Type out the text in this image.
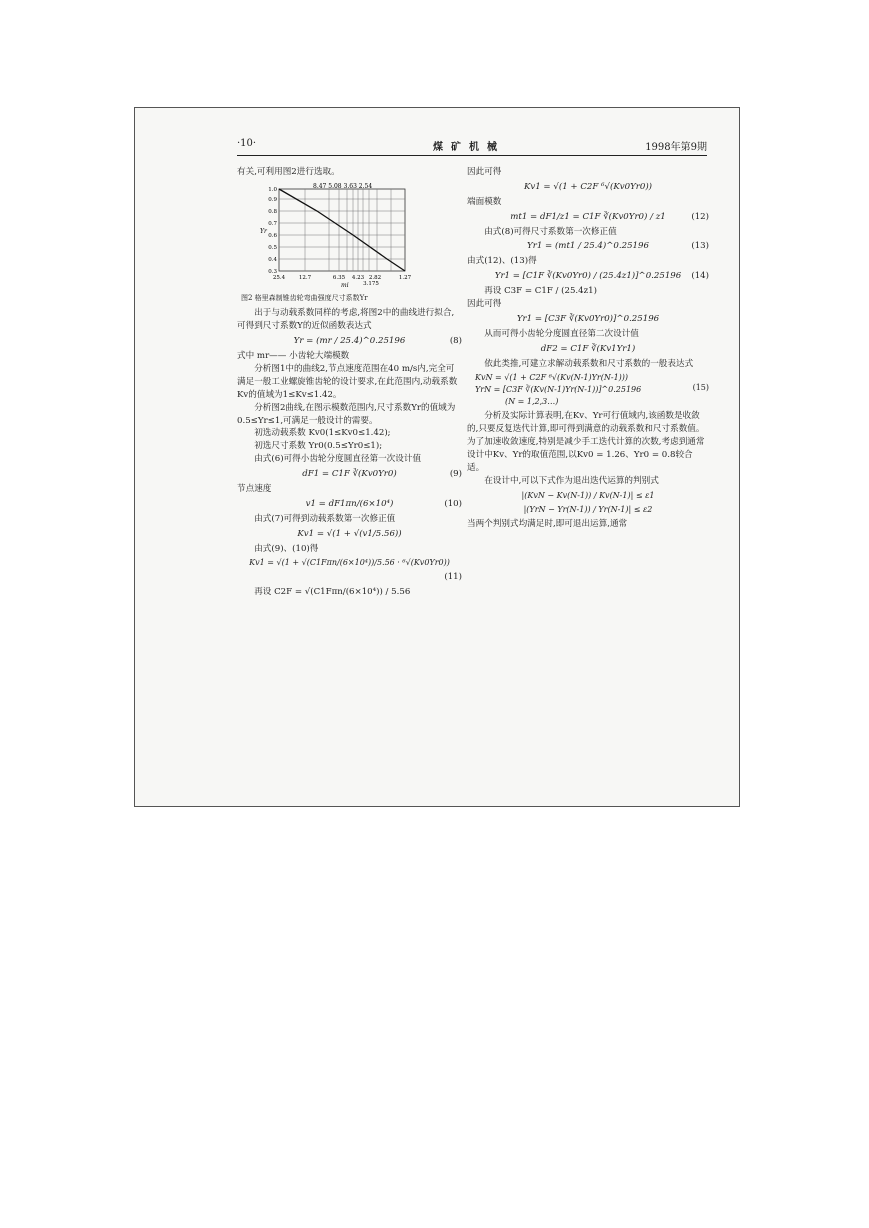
·10·	煤矿机械	1998年第9期

有关,可利用图2进行选取。

8.47 5.08 3.63 2.54
1.0
0.9
0.8
0.7
0.6
0.5
0.4
0.3
Yr
25.4	12.7	6.35 4.23 2.82	1.27
3.175
mi

图2 格里森制锥齿轮弯曲强度尺寸系数Yr

出于与动载系数同样的考虑,将图2中的曲线进行拟合,可得到尺寸系数Y的近似函数表达式

Yr = (mr / 25.4)^0.25196	(8)

式中 mr—— 小齿轮大端模数

分析图1中的曲线2,节点速度范围在40 m/s内,完全可满足一般工业螺旋锥齿轮的设计要求,在此范围内,动载系数Kv的值域为1≤Kv≤1.42。

分析图2曲线,在图示模数范围内,尺寸系数Yr的值域为0.5≤Yr≤1,可满足一般设计的需要。

初选动载系数 Kv0(1≤Kv0≤1.42);

初选尺寸系数 Yr0(0.5≤Yr0≤1);

由式(6)可得小齿轮分度圆直径第一次设计值

dF1 = C1F ∛(Kv0Yr0)	(9)

节点速度

v1 = dF1πn/(6×10⁴)	(10)

由式(7)可得到动载系数第一次修正值

Kv1 = √(1 + √(v1/5.56))

由式(9)、(10)得

Kv1 = √(1 + √(C1Fπn/(6×10⁴))/5.56 · ⁶√(Kv0Yr0))
(11)

再设 C2F = √(C1Fπn/(6×10⁴)) / 5.56

因此可得

Kv1 = √(1 + C2F ⁶√(Kv0Yr0))

端面模数

mt1 = dF1/z1 = C1F ∛(Kv0Yr0) / z1	(12)

由式(8)可得尺寸系数第一次修正值

Yr1 = (mt1 / 25.4)^0.25196	(13)

由式(12)、(13)得

Yr1 = [C1F ∛(Kv0Yr0) / (25.4z1)]^0.25196 (14)

再设 C3F = C1F / (25.4z1)

因此可得

Yr1 = [C3F ∛(Kv0Yr0)]^0.25196

从而可得小齿轮分度圆直径第二次设计值

dF2 = C1F ∛(Kv1Yr1)

依此类推,可建立求解动载系数和尺寸系数的一般表达式

KvN = √(1 + C2F ⁶√(Kv(N-1)Yr(N-1)))
YrN = [C3F ∛(Kv(N-1)Yr(N-1))]^0.25196
(N = 1,2,3…)
(15)

分析及实际计算表明,在Kv、Yr可行值域内,该函数是收敛的,只要反复迭代计算,即可得到满意的动载系数和尺寸系数值。为了加速收敛速度,特别是减少手工迭代计算的次数,考虑到通常设计中Kv、Yr的取值范围,以Kv0 = 1.26、Yr0 = 0.8较合适。

在设计中,可以下式作为退出迭代运算的判别式

|(KvN − Kv(N-1)) / Kv(N-1)| ≤ ε1
|(YrN − Yr(N-1)) / Yr(N-1)| ≤ ε2

当两个判别式均满足时,即可退出运算,通常
